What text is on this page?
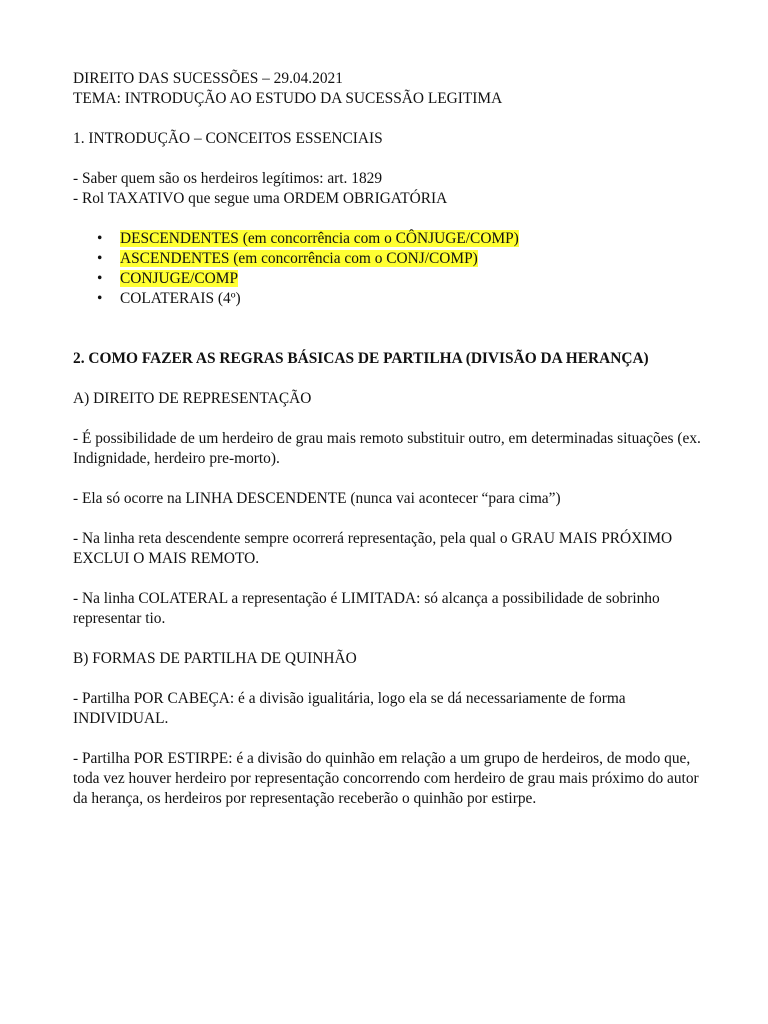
DIREITO DAS SUCESSÕES – 29.04.2021

TEMA: INTRODUÇÃO AO ESTUDO DA SUCESSÃO LEGITIMA

1. INTRODUÇÃO – CONCEITOS ESSENCIAIS

- Saber quem são os herdeiros legítimos: art. 1829

- Rol TAXATIVO que segue uma ORDEM OBRIGATÓRIA

• DESCENDENTES (em concorrência com o CÔNJUGE/COMP)
• ASCENDENTES (em concorrência com o CONJ/COMP)
• CONJUGE/COMP
• COLATERAIS (4º)

2. COMO FAZER AS REGRAS BÁSICAS DE PARTILHA (DIVISÃO DA HERANÇA)

A) DIREITO DE REPRESENTAÇÃO

- É possibilidade de um herdeiro de grau mais remoto substituir outro, em determinadas situações (ex. Indignidade, herdeiro pre-morto).

- Ela só ocorre na LINHA DESCENDENTE (nunca vai acontecer “para cima”)

- Na linha reta descendente sempre ocorrerá representação, pela qual o GRAU MAIS PRÓXIMO EXCLUI O MAIS REMOTO.

- Na linha COLATERAL a representação é LIMITADA: só alcança a possibilidade de sobrinho representar tio.

B) FORMAS DE PARTILHA DE QUINHÃO

- Partilha POR CABEÇA: é a divisão igualitária, logo ela se dá necessariamente de forma INDIVIDUAL.

- Partilha POR ESTIRPE: é a divisão do quinhão em relação a um grupo de herdeiros, de modo que, toda vez houver herdeiro por representação concorrendo com herdeiro de grau mais próximo do autor da herança, os herdeiros por representação receberão o quinhão por estirpe.
